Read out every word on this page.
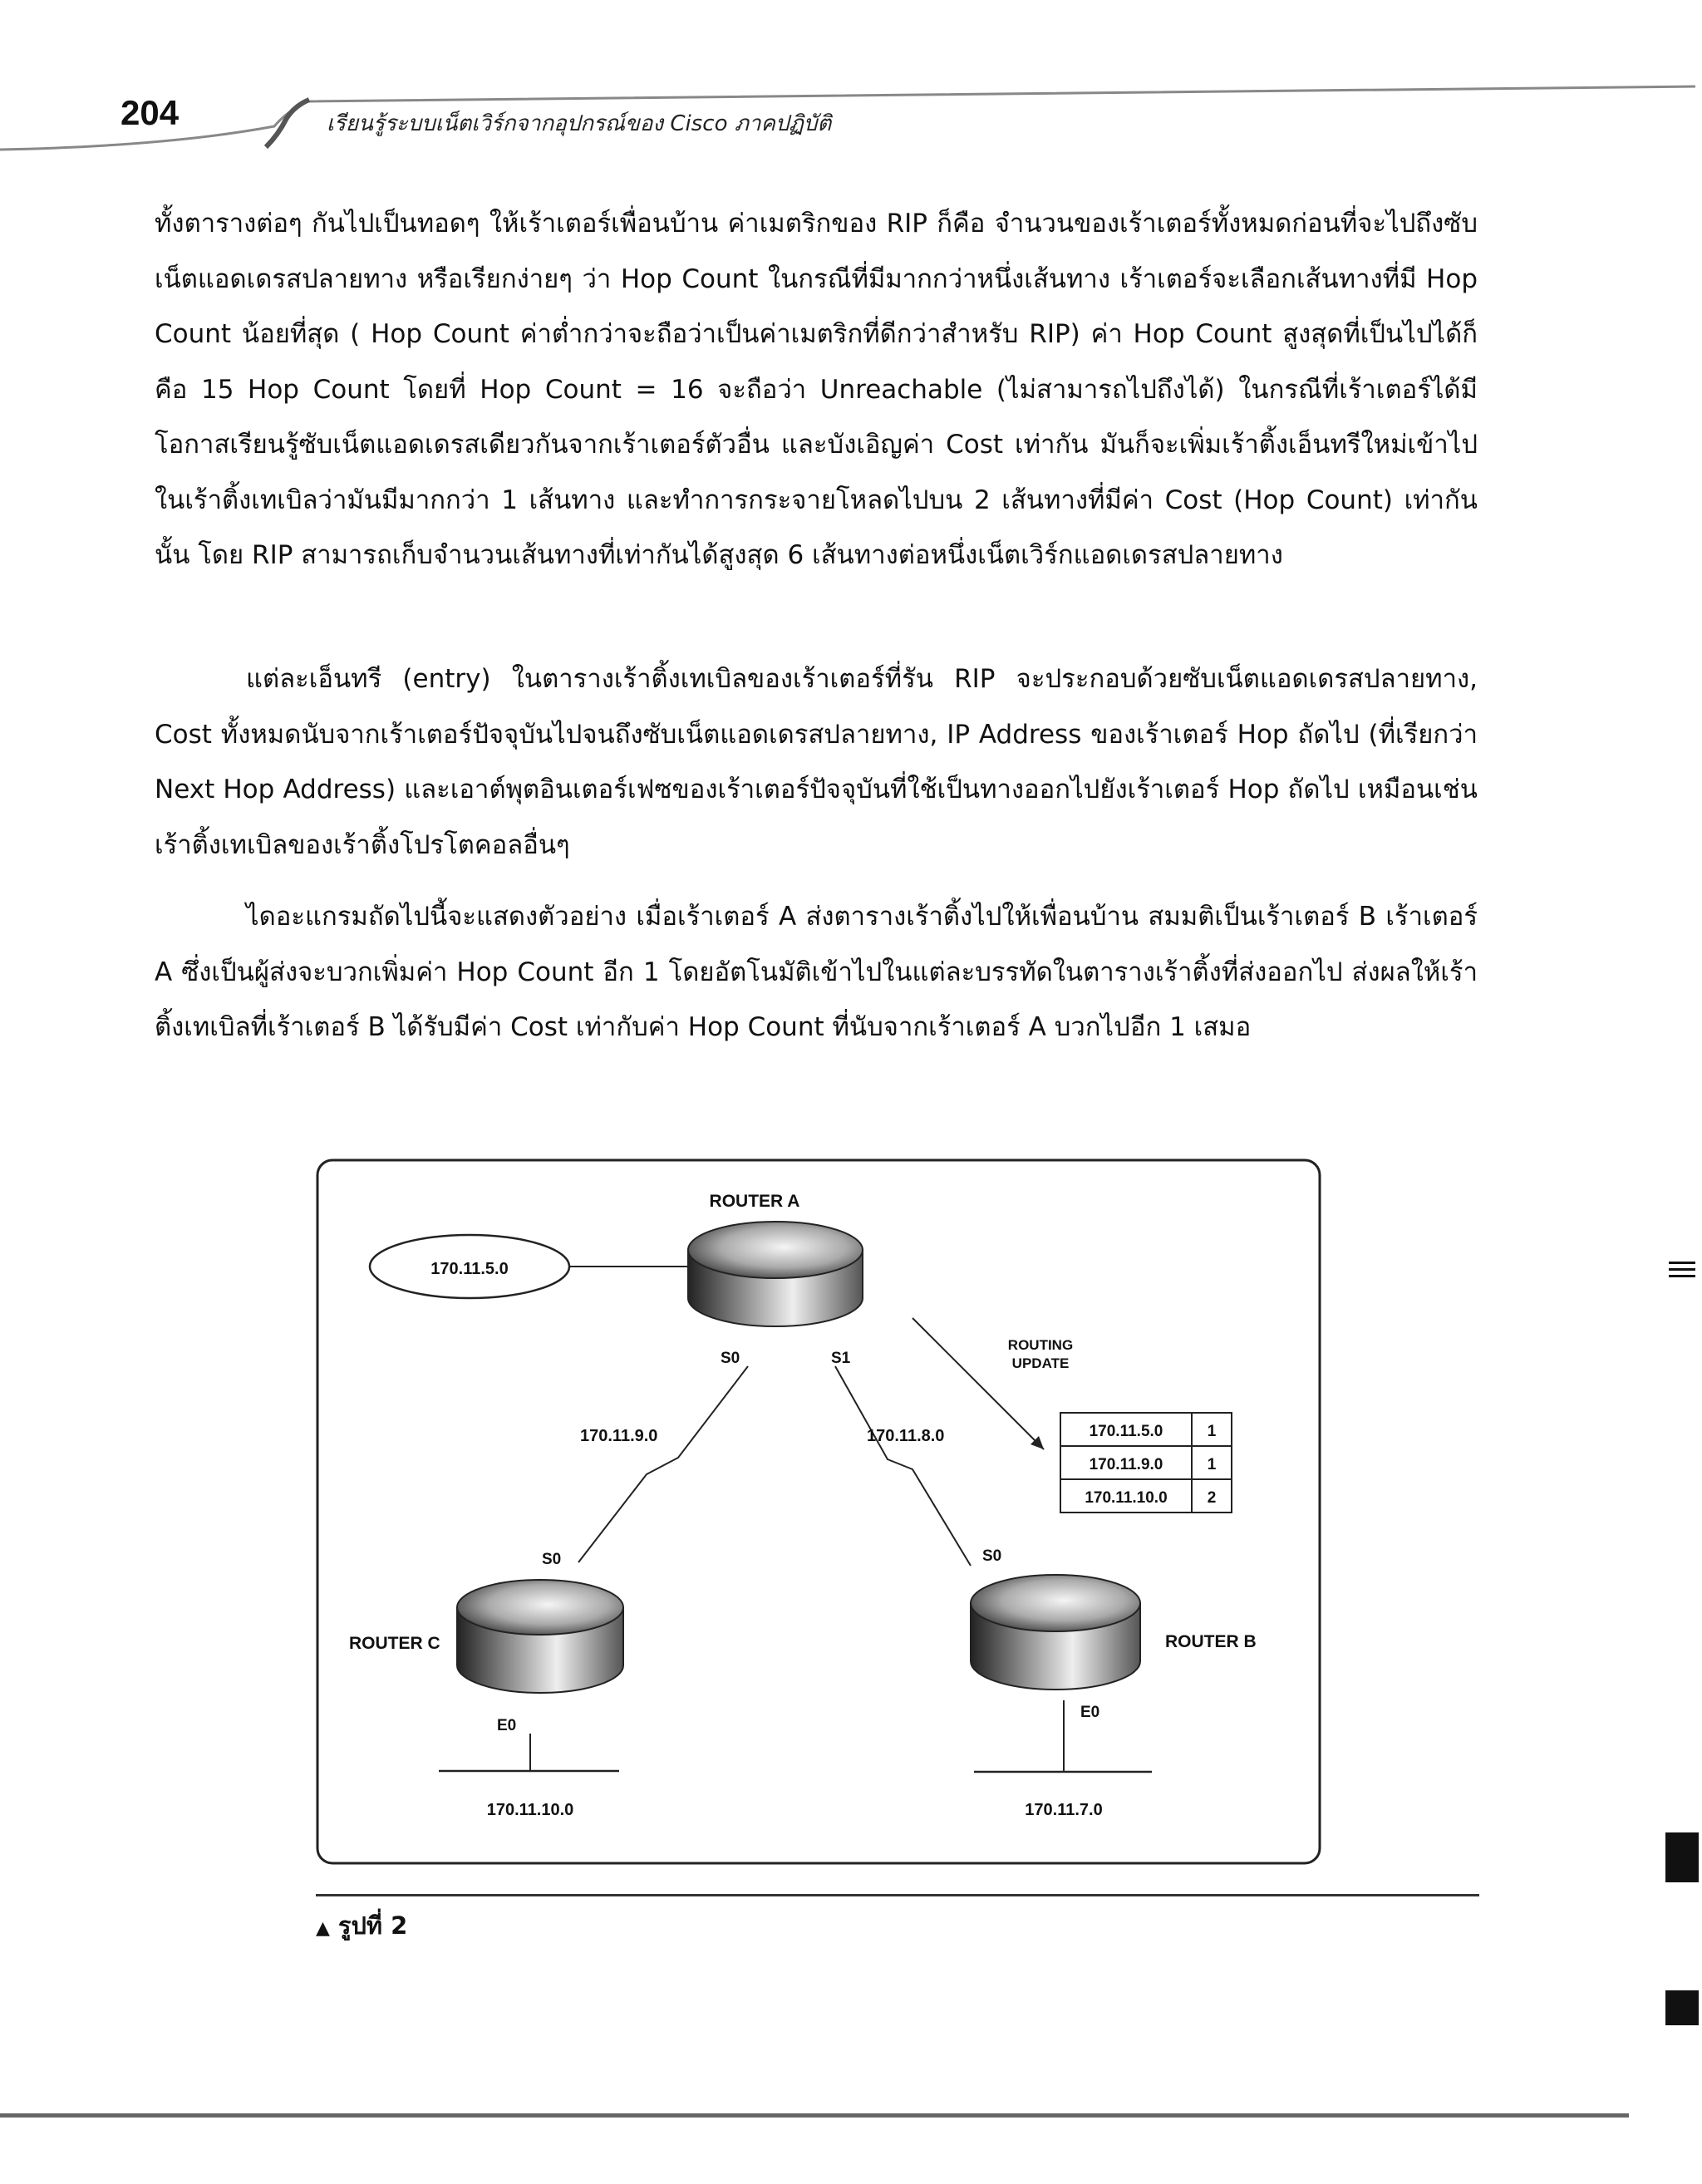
204	เรียนรู้ระบบเน็ตเวิร์กจากอุปกรณ์ของ Cisco ภาคปฏิบัติ

ทั้งตารางต่อๆ กันไปเป็นทอดๆ ให้เร้าเตอร์เพื่อนบ้าน ค่าเมตริกของ RIP ก็คือ จำนวนของเร้าเตอร์ทั้งหมดก่อนที่จะไปถึงซับเน็ตแอดเดรสปลายทาง หรือเรียกง่ายๆ ว่า Hop Count ในกรณีที่มีมากกว่าหนึ่งเส้นทาง เร้าเตอร์จะเลือกเส้นทางที่มี Hop Count น้อยที่สุด ( Hop Count ค่าต่ำกว่าจะถือว่าเป็นค่าเมตริกที่ดีกว่าสำหรับ RIP) ค่า Hop Count สูงสุดที่เป็นไปได้ก็คือ 15 Hop Count โดยที่ Hop Count = 16 จะถือว่า Unreachable (ไม่สามารถไปถึงได้) ในกรณีที่เร้าเตอร์ได้มีโอกาสเรียนรู้ซับเน็ตแอดเดรสเดียวกันจากเร้าเตอร์ตัวอื่น และบังเอิญค่า Cost เท่ากัน มันก็จะเพิ่มเร้าติ้งเอ็นทรีใหม่เข้าไปในเร้าติ้งเทเบิลว่ามันมีมากกว่า 1 เส้นทาง และทำการกระจายโหลดไปบน 2 เส้นทางที่มีค่า Cost (Hop Count) เท่ากันนั้น โดย RIP สามารถเก็บจำนวนเส้นทางที่เท่ากันได้สูงสุด 6 เส้นทางต่อหนึ่งเน็ตเวิร์กแอดเดรสปลายทาง

แต่ละเอ็นทรี (entry) ในตารางเร้าติ้งเทเบิลของเร้าเตอร์ที่รัน RIP จะประกอบด้วยซับเน็ตแอดเดรสปลายทาง, Cost ทั้งหมดนับจากเร้าเตอร์ปัจจุบันไปจนถึงซับเน็ตแอดเดรสปลายทาง, IP Address ของเร้าเตอร์ Hop ถัดไป (ที่เรียกว่า Next Hop Address) และเอาต์พุตอินเตอร์เฟซของเร้าเตอร์ปัจจุบันที่ใช้เป็นทางออกไปยังเร้าเตอร์ Hop ถัดไป เหมือนเช่นเร้าติ้งเทเบิลของเร้าติ้งโปรโตคอลอื่นๆ

ไดอะแกรมถัดไปนี้จะแสดงตัวอย่าง เมื่อเร้าเตอร์ A ส่งตารางเร้าติ้งไปให้เพื่อนบ้าน สมมติเป็นเร้าเตอร์ B เร้าเตอร์ A ซึ่งเป็นผู้ส่งจะบวกเพิ่มค่า Hop Count อีก 1 โดยอัตโนมัติเข้าไปในแต่ละบรรทัดในตารางเร้าติ้งที่ส่งออกไป ส่งผลให้เร้าติ้งเทเบิลที่เร้าเตอร์ B ได้รับมีค่า Cost เท่ากับค่า Hop Count ที่นับจากเร้าเตอร์ A บวกไปอีก 1 เสมอ

170.11.5.0
ROUTER A
S0	S1
170.11.9.0	170.11.8.0
ROUTING
UPDATE
170.11.5.0	1
170.11.9.0	1
170.11.10.0	2
S0
ROUTER C
E0
170.11.10.0
S0
ROUTER B
E0
170.11.7.0
▲ รูปที่ 2
